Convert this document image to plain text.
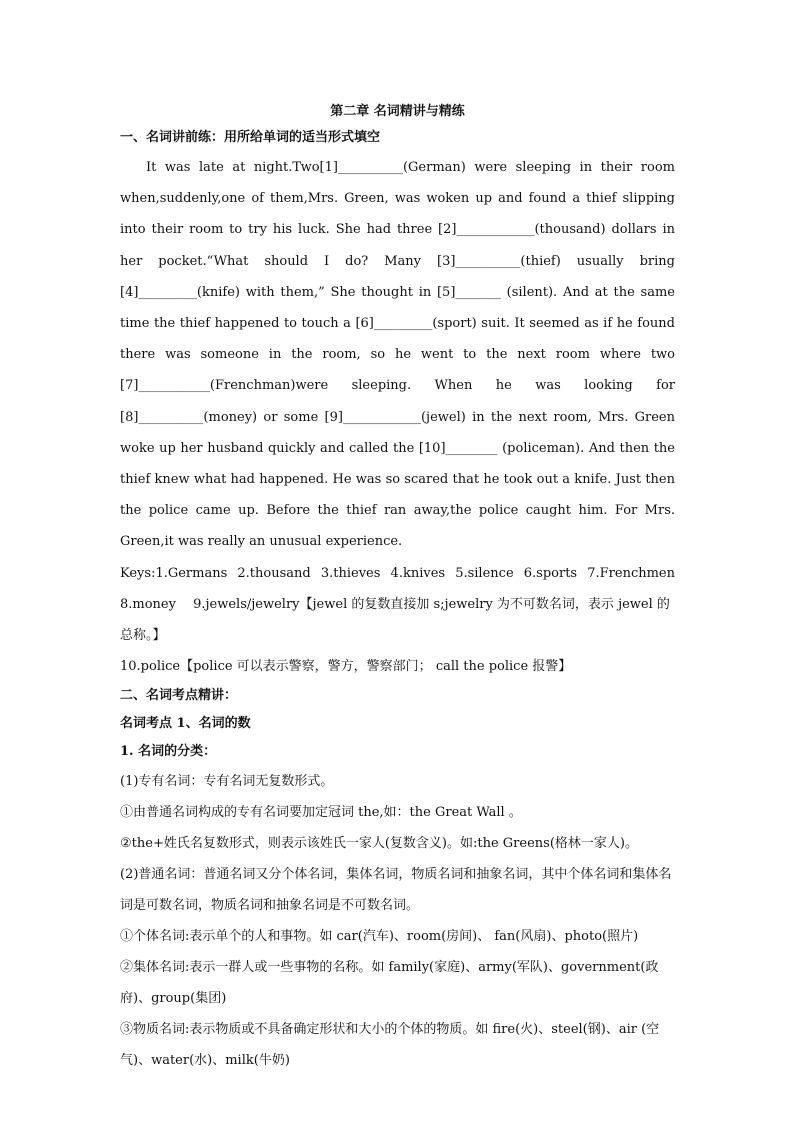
第二章 名词精讲与精练
一、名词讲前练：用所给单词的适当形式填空
It was late at night.Two[1]__________(German) were sleeping in their room when,suddenly,one of them,Mrs. Green, was woken up and found a thief slipping into their room to try his luck. She had three [2]____________(thousand) dollars in her pocket.“What should I do? Many [3]__________(thief) usually bring [4]_________(knife) with them,” She thought in [5]_______ (silent). And at the same time the thief happened to touch a [6]_________(sport) suit. It seemed as if he found there was someone in the room, so he went to the next room where two [7]___________(Frenchman)were sleeping. When he was looking for [8]__________(money) or some [9]____________(jewel) in the next room, Mrs. Green woke up her husband quickly and called the [10]________ (policeman). And then the thief knew what had happened. He was so scared that he took out a knife. Just then the police came up. Before the thief ran away,the police caught him. For Mrs. Green,it was really an unusual experience.
Keys:1.Germans 2.thousand 3.thieves 4.knives 5.silence 6.sports 7.Frenchmen
8.money　 9.jewels/jewelry【jewel 的复数直接加 s;jewelry 为不可数名词，表示 jewel 的总称。】
10.police【police 可以表示警察，警方，警察部门； call the police 报警】
二、名词考点精讲：
名词考点 1、名词的数
1. 名词的分类：
(1)专有名词：专有名词无复数形式。
①由普通名词构成的专有名词要加定冠词 the,如：the Great Wall 。
②the+姓氏名复数形式，则表示该姓氏一家人(复数含义)。如:the Greens(格林一家人)。
(2)普通名词：普通名词又分个体名词，集体名词，物质名词和抽象名词，其中个体名词和集体名词是可数名词，物质名词和抽象名词是不可数名词。
①个体名词:表示单个的人和事物。如 car(汽车)、room(房间)、 fan(风扇)、photo(照片)
②集体名词:表示一群人或一些事物的名称。如 family(家庭)、army(军队)、government(政府)、group(集团)
③物质名词:表示物质或不具备确定形状和大小的个体的物质。如 fire(火)、steel(钢)、air (空气)、water(水)、milk(牛奶)
